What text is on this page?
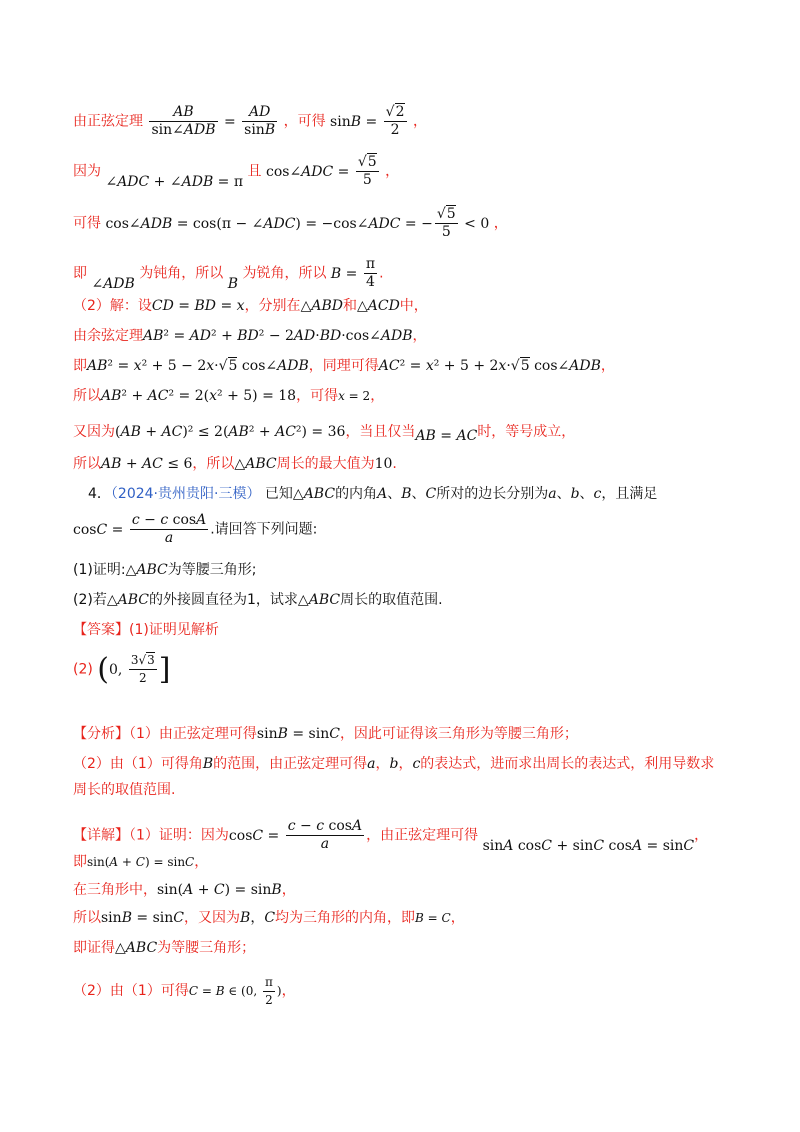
由正弦定理 $\frac{AB}{\text{sin∠ADB}} = \frac{AD}{\sin B}$ ，可得 $\sin B = \frac{√2}{2}$ ，
因为 ∠ADC + ∠ADB = π 且 cos∠ADC = $\frac{√5}{5}$ ，
可得 cos∠ADB = cos(π − ∠ADC) = −cos∠ADC = − $\frac{√5}{5} < 0$ ，
即 ∠ADB 为钝角，所以 B 为锐角，所以 $B = \frac{\pi}{4}$ .
（2）解：设CD = BD = x，分别在△ABD和△ACD中，
由余弦定理AB² = AD² + BD² − 2AD·BD·cos∠ADB，
即AB² = x² + 5 − 2x·√5 cos∠ADB，同理可得AC² = x² + 5 + 2x·√5 cos∠ADB，
所以AB² + AC² = 2(x² + 5) = 18，可得x = 2，
又因为(AB + AC)² ≤ 2(AB² + AC²) = 36，当且仅当AB = AC时，等号成立，
所以AB + AC ≤ 6，所以△ABC周长的最大值为10.
4．（2024·贵州贵阳·三模） 已知△ABC的内角A、B、C所对的边长分别为a、b、c，且满足
$\cos C = \frac{\text{c − c cosA}}{a}$ .请回答下列问题:
(1)证明:△ABC为等腰三角形;
(2)若△ABC的外接圆直径为1，试求△ABC周长的取值范围.
【答案】(1)证明见解析
(2) (0, $\frac{3√3}{2}$ ]
【分析】（1）由正弦定理可得sinB = sinC，因此可证得该三角形为等腰三角形；
（2）由（1）可得角B的范围，由正弦定理可得a，b，c的表达式，进而求出周长的表达式，利用导数求
周长的取值范围.
【详解】（1）证明：因为$\cos C = \frac{\text{c − c cosA}}{a}$ ，由正弦定理可得 sinA cosC + sinC cosA = sinC，
即sin(A + C) = sinC，
在三角形中，sin(A + C) = sinB，
所以sinB = sinC，又因为B，C均为三角形的内角，即B = C，
即证得△ABC为等腰三角形；
（2）由（1）可得C = B ∈ (0, $\frac{\pi}{2}$ )，
